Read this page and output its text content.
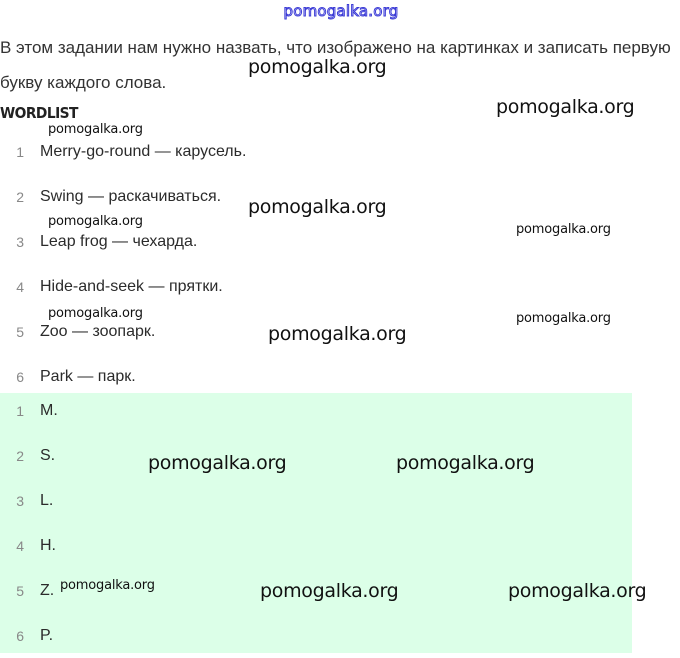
pomogalka.org
В этом задании нам нужно назвать, что изображено на картинках и записать первую букву каждого слова.
WORDLIST
1 Merry-go-round — карусель.
2 Swing — раскачиваться.
3 Leap frog — чехарда.
4 Hide-and-seek — прятки.
5 Zoo — зоопарк.
6 Park — парк.
1 M.
2 S.
3 L.
4 H.
5 Z.
6 P.
pomogalka.org
pomogalka.org
pomogalka.org
pomogalka.org
pomogalka.org
pomogalka.org
pomogalka.org	pomogalka.org
pomogalka.org
pomogalka.org	pomogalka.org
pomogalka.org	pomogalka.org	pomogalka.org
